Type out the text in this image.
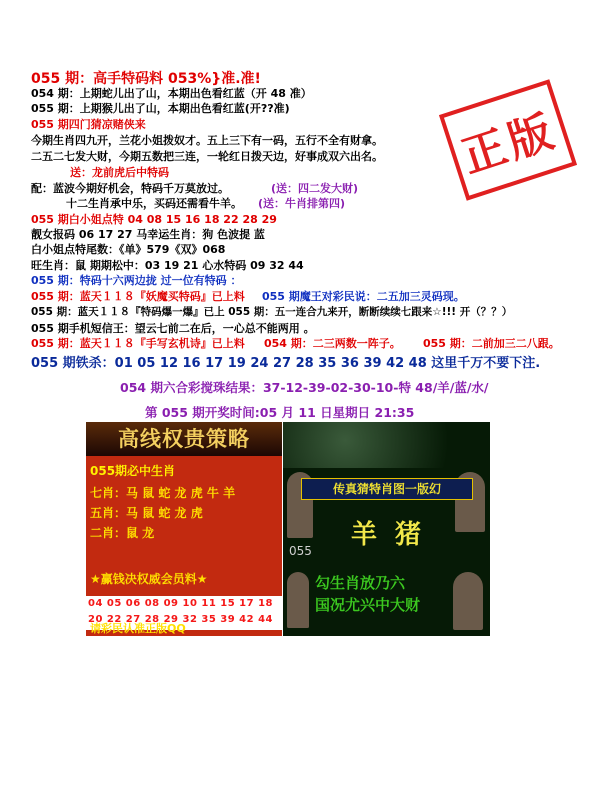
055 期：高手特码料 053%}准.准!
054 期：上期蛇儿出了山，本期出色看红蓝（开 48 准）
055 期：上期猴儿出了山，本期出色看红蓝(开??准)
055 期四门猜凉赌侠来
今期生肖四九开，兰花小姐拨奴才。五上三下有一码，五行不全有财拿。
二五二七发大财，今期五数把三连，一轮红日拨天边，好事成双六出名。
送：龙前虎后中特码
配：蓝波今期好机会，特码千万莫放过。	(送：四二发大财)
十二生肖承中乐，买码还需看牛羊。 (送：牛肖排第四)
055 期白小姐点特 04 08 15 16 18 22 28 29
靓女报码 06 17 27 马幸运生肖：狗 色波提 蓝
白小姐点特尾数：《单》579《双》068
旺生肖：鼠 期期松中：03 19 21 心水特码 09 32 44
055 期：特码十六两边拢 过一位有特码 ：
055 期：蓝天１１８『妖魔买特码』已上料 055 期魔王对彩民说：二五加三灵码现。
055 期：蓝天１１８『特码爆一爆』已上 055 期：五一连合九来开，断断续续七跟来☆!!! 开（？？）
055 期手机短信王：望云七前二在后，一心总不能两用 。
055 期：蓝天１１８『手写玄机诗』已上料 054 期：二三两数一阵子。 055 期：二前加三二八跟。
055 期铁杀：01 05 12 16 17 19 24 27 28 35 36 39 42 48 这里千万不要下注.
054 期六合彩搅珠结果：37-12-39-02-30-10-特 48/羊/蓝/水/
第 055 期开奖时间:05 月 11 日星期日 21:35
正版
高线权贵策略
055期必中生肖
七肖：马 鼠 蛇 龙 虎 牛 羊
五肖：马 鼠 蛇 龙 虎
二肖：鼠 龙
★赢钱决权威会员料★
04 05 06 08 09 10 11 15 17 18
20 22 27 28 29 32 35 39 42 44
请彩民认准正版QQ
传真猜特肖图一版幻
羊猪
055
勾生肖放乃六
国况尤兴中大财
